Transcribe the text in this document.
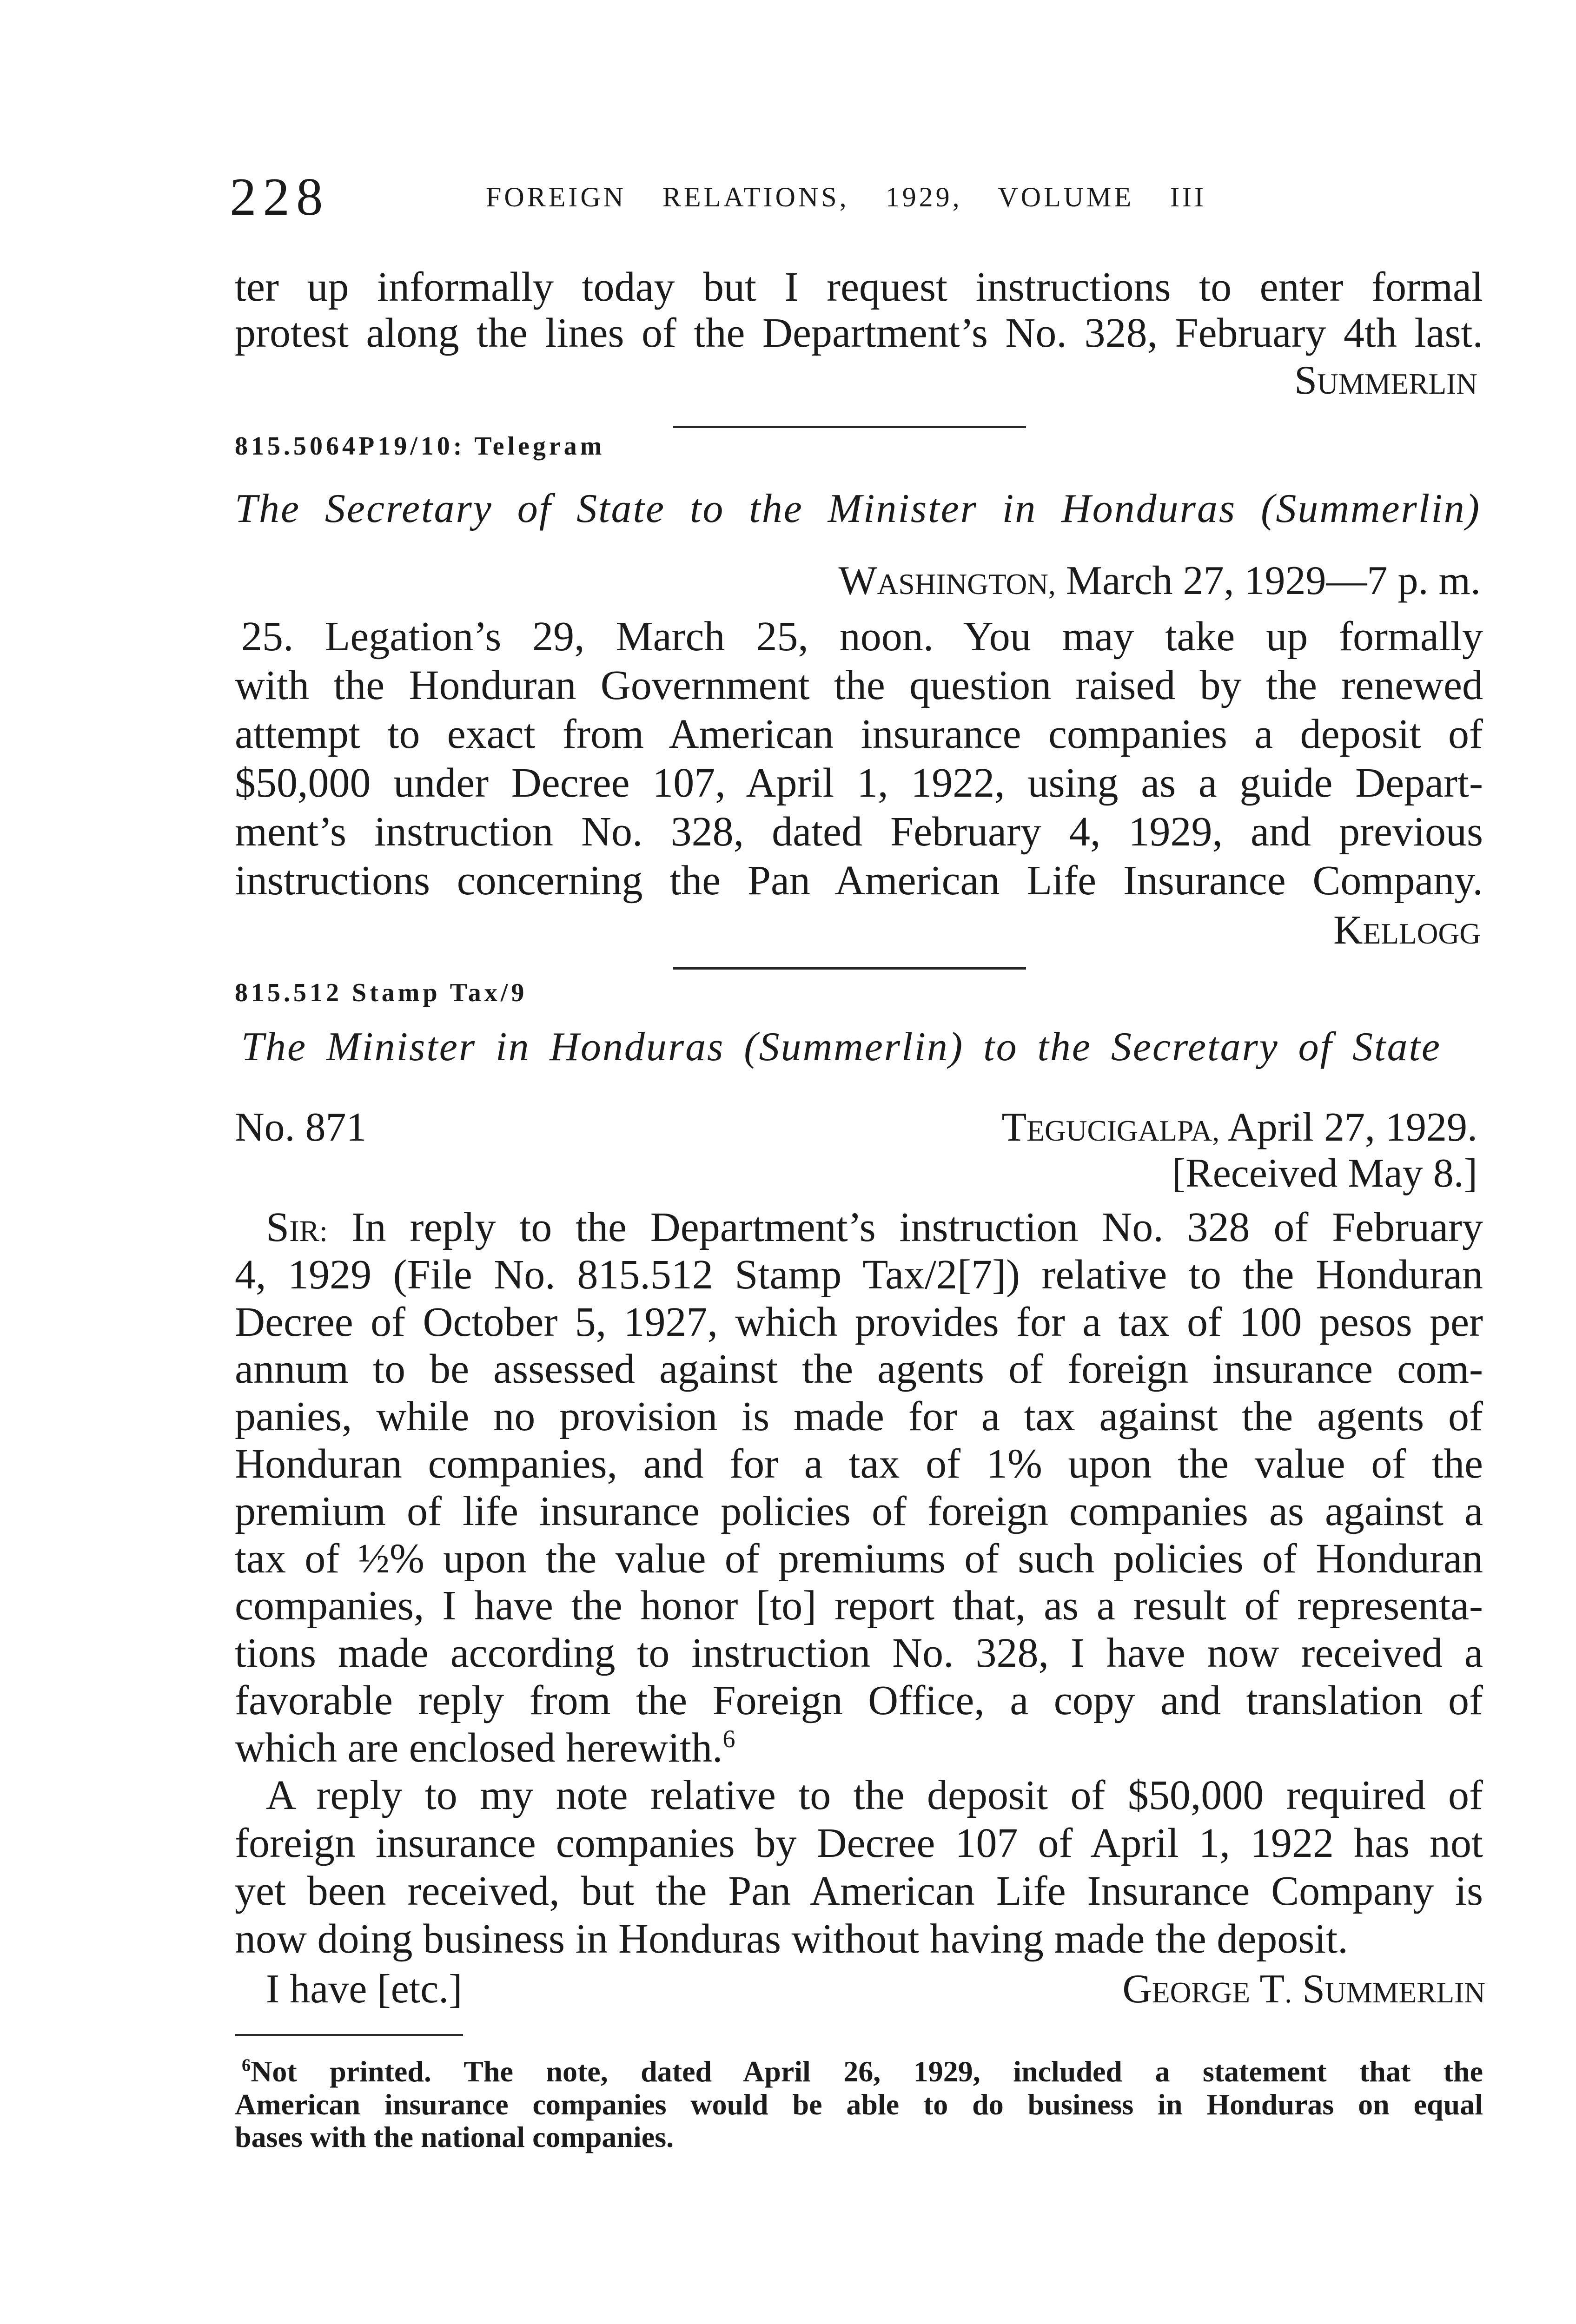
228	FOREIGN RELATIONS, 1929, VOLUME III
ter up informally today but I request instructions to enter formal
protest along the lines of the Department’s No. 328, February 4th last.
SUMMERLIN
815.5064P19/10: Telegram
The Secretary of State to the Minister in Honduras (Summerlin)
WASHINGTON, March 27, 1929—7 p. m.
25. Legation’s 29, March 25, noon. You may take up formally
with the Honduran Government the question raised by the renewed
attempt to exact from American insurance companies a deposit of
$50,000 under Decree 107, April 1, 1922, using as a guide Depart-
ment’s instruction No. 328, dated February 4, 1929, and previous
instructions concerning the Pan American Life Insurance Company.
KELLOGG
815.512 Stamp Tax/9
The Minister in Honduras (Summerlin) to the Secretary of State
No. 871	TEGUCIGALPA, April 27, 1929.
[Received May 8.]
SIR: In reply to the Department’s instruction No. 328 of February
4, 1929 (File No. 815.512 Stamp Tax/2[7]) relative to the Honduran
Decree of October 5, 1927, which provides for a tax of 100 pesos per
annum to be assessed against the agents of foreign insurance com-
panies, while no provision is made for a tax against the agents of
Honduran companies, and for a tax of 1% upon the value of the
premium of life insurance policies of foreign companies as against a
tax of ½% upon the value of premiums of such policies of Honduran
companies, I have the honor [to] report that, as a result of representa-
tions made according to instruction No. 328, I have now received a
favorable reply from the Foreign Office, a copy and translation of
which are enclosed herewith.$^6$
A reply to my note relative to the deposit of $50,000 required of
foreign insurance companies by Decree 107 of April 1, 1922 has not
yet been received, but the Pan American Life Insurance Company is
now doing business in Honduras without having made the deposit.
I have [etc.]	GEORGE T. SUMMERLIN
$^6$Not printed. The note, dated April 26, 1929, included a statement that the
American insurance companies would be able to do business in Honduras on equal
bases with the national companies.
